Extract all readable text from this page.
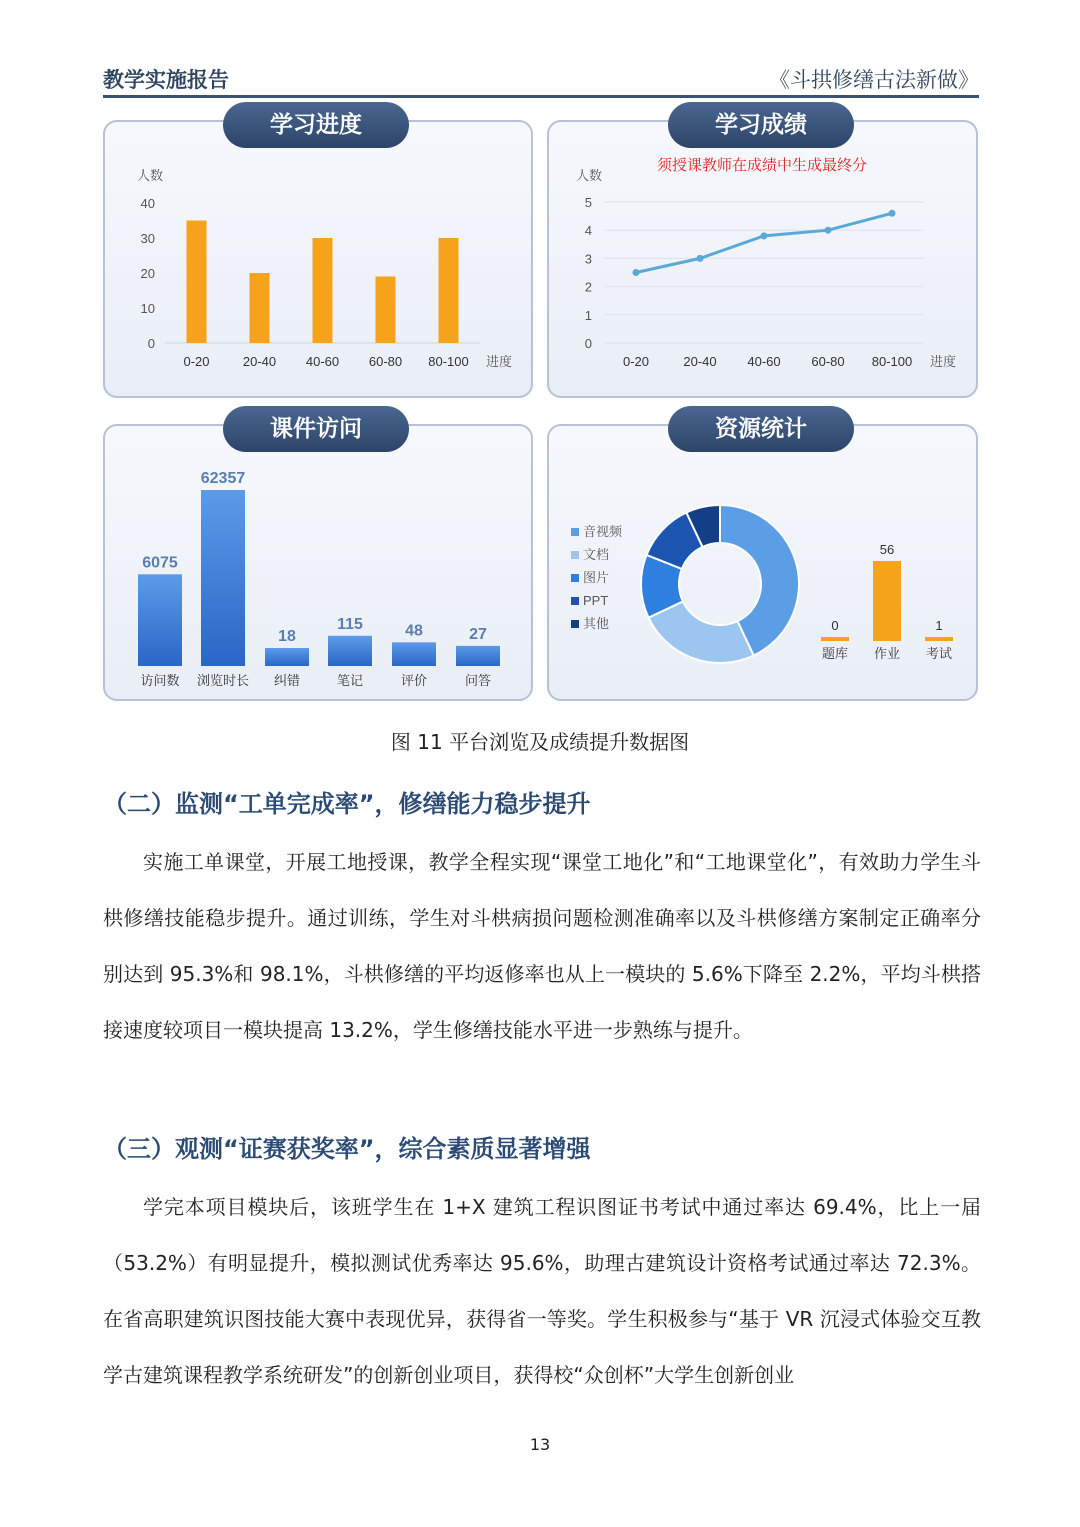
教学实施报告	《斗拱修缮古法新做》
人数
0
10
20
30
40
0-20	20-40 40-60 60-80 80-100 进度
学习进度
须授课教师在成绩中生成最终分
人数
0
1
2
3
4
5
0-20	20-40 40-60 60-80 80-100 进度
学习成绩
6075
访问数
62357
浏览时长
18
纠错
115
笔记
48
评价
27
问答
课件访问
音视频
文档
图片
PPT
其他	0
题库
56
作业
1
考试
资源统计
图 11 平台浏览及成绩提升数据图
（二）监测“工单完成率”，修缮能力稳步提升

实施工单课堂，开展工地授课，教学全程实现“课堂工地化”和“工地课堂化”，有效助力学生斗栱修缮技能稳步提升。通过训练，学生对斗栱病损问题检测准确率以及斗栱修缮方案制定正确率分别达到 95.3%和 98.1%，斗栱修缮的平均返修率也从上一模块的 5.6%下降至 2.2%，平均斗栱搭接速度较项目一模块提高 13.2%，学生修缮技能水平进一步熟练与提升。

（三）观测“证赛获奖率”，综合素质显著增强

学完本项目模块后，该班学生在 1+X 建筑工程识图证书考试中通过率达 69.4%，比上一届（53.2%）有明显提升，模拟测试优秀率达 95.6%，助理古建筑设计资格考试通过率达 72.3%。在省高职建筑识图技能大赛中表现优异，获得省一等奖。学生积极参与“基于 VR 沉浸式体验交互教学古建筑课程教学系统研发”的创新创业项目，获得校“众创杯”大学生创新创业

13
